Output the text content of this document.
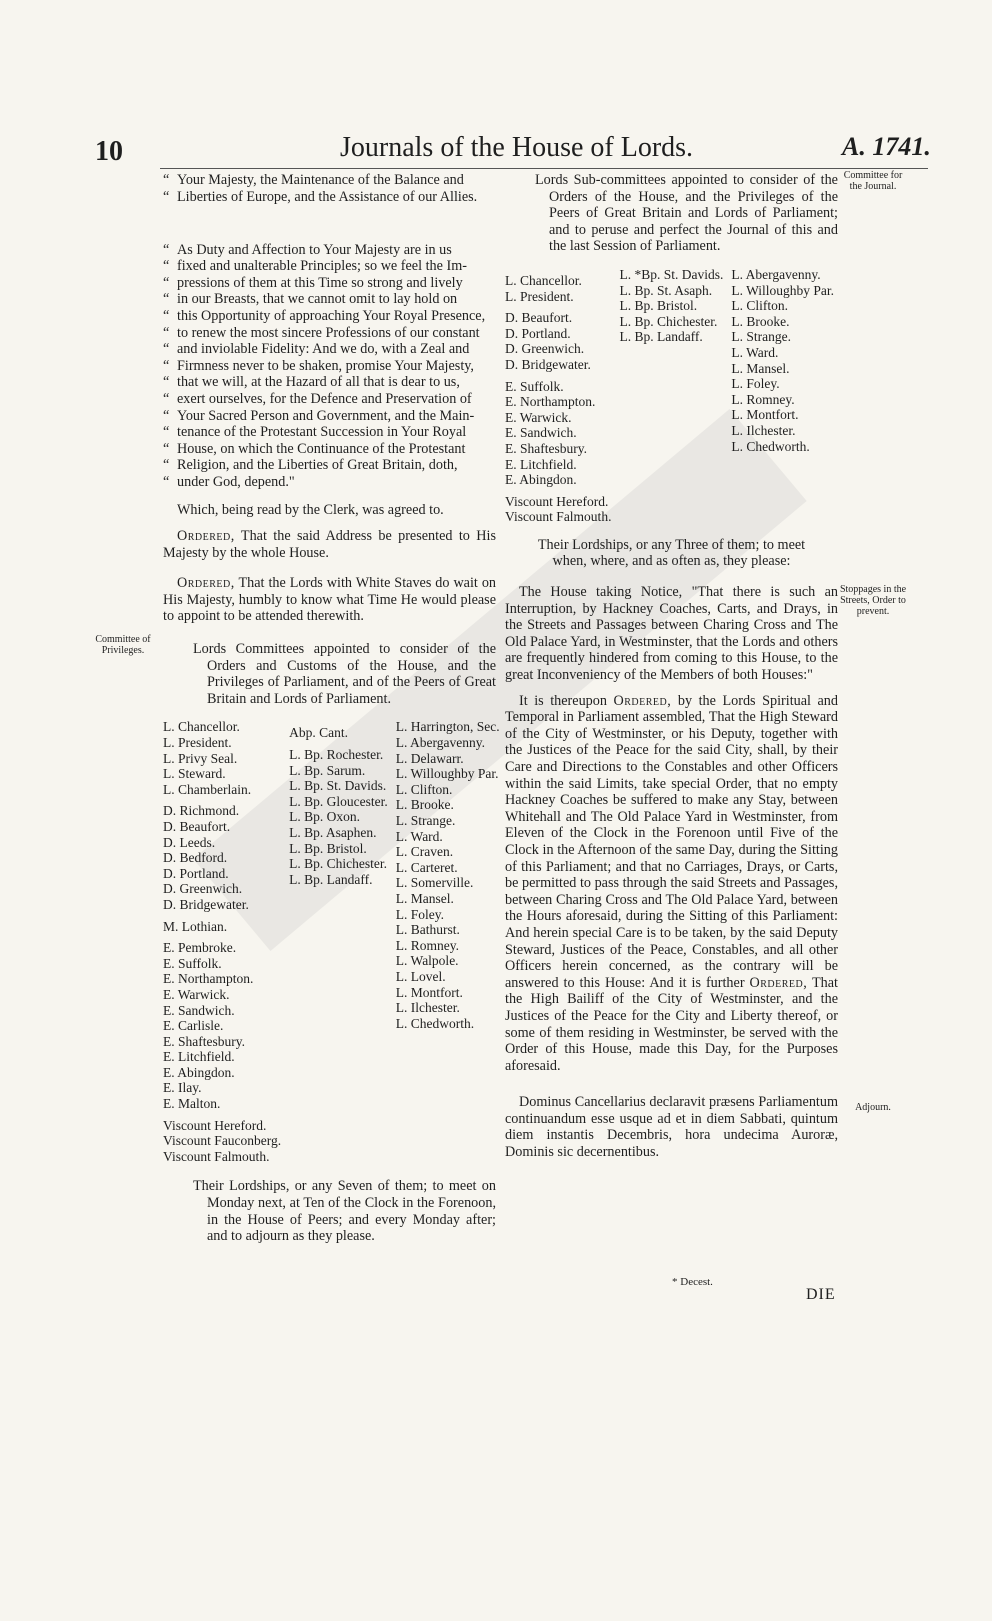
10	Journals of the House of Lords.	A. 1741.

“ Your Majesty, the Maintenance of the Balance and

“ Liberties of Europe, and the Assistance of our Allies.

“ As Duty and Affection to Your Majesty are in us

“ fixed and unalterable Principles; so we feel the Im-

“ pressions of them at this Time so strong and lively

“ in our Breasts, that we cannot omit to lay hold on

“ this Opportunity of approaching Your Royal Presence,

“ to renew the most sincere Professions of our constant

“ and inviolable Fidelity: And we do, with a Zeal and

“ Firmness never to be shaken, promise Your Majesty,

“ that we will, at the Hazard of all that is dear to us,

“ exert ourselves, for the Defence and Preservation of

“ Your Sacred Person and Government, and the Main-

“ tenance of the Protestant Succession in Your Royal

“ House, on which the Continuance of the Protestant

“ Religion, and the Liberties of Great Britain, doth,

“ under God, depend."

Which, being read by the Clerk, was agreed to.

Ordered, That the said Address be presented to His Majesty by the whole House.

Ordered, That the Lords with White Staves do wait on His Majesty, humbly to know what Time He would please to appoint to be attended therewith.

Lords Committees appointed to consider of the Orders and Customs of the House, and the Privileges of Parliament, and of the Peers of Great Britain and Lords of Parliament.

L. Chancellor.
L. President.
L. Privy Seal.
L. Steward.
L. Chamberlain.
D. Richmond.
D. Beaufort.
D. Leeds.
D. Bedford.
D. Portland.
D. Greenwich.
D. Bridgewater.
M. Lothian.
E. Pembroke.
E. Suffolk.
E. Northampton.
E. Warwick.
E. Sandwich.
E. Carlisle.
E. Shaftesbury.
E. Litchfield.
E. Abingdon.
E. Ilay.
E. Malton.
Viscount Hereford.
Viscount Fauconberg.
Viscount Falmouth.
Abp. Cant.
L. Bp. Rochester.
L. Bp. Sarum.
L. Bp. St. Davids.
L. Bp. Gloucester.
L. Bp. Oxon.
L. Bp. Asaphen.
L. Bp. Bristol.
L. Bp. Chichester.
L. Bp. Landaff.
L. Harrington, Sec.
L. Abergavenny.
L. Delawarr.
L. Willoughby Par.
L. Clifton.
L. Brooke.
L. Strange.
L. Ward.
L. Craven.
L. Carteret.
L. Somerville.
L. Mansel.
L. Foley.
L. Bathurst.
L. Romney.
L. Walpole.
L. Lovel.
L. Montfort.
L. Ilchester.
L. Chedworth.

Their Lordships, or any Seven of them; to meet on Monday next, at Ten of the Clock in the Forenoon, in the House of Peers; and every Monday after; and to adjourn as they please.

Lords Sub-committees appointed to consider of the Orders of the House, and the Privileges of the Peers of Great Britain and Lords of Parliament; and to peruse and perfect the Journal of this and the last Session of Parliament.

L. Chancellor.
L. President.
D. Beaufort.
D. Portland.
D. Greenwich.
D. Bridgewater.
E. Suffolk.
E. Northampton.
E. Warwick.
E. Sandwich.
E. Shaftesbury.
E. Litchfield.
E. Abingdon.
Viscount Hereford.
Viscount Falmouth.
L. *Bp. St. Davids.
L. Bp. St. Asaph.
L. Bp. Bristol.
L. Bp. Chichester.
L. Bp. Landaff.
L. Abergavenny.
L. Willoughby Par.
L. Clifton.
L. Brooke.
L. Strange.
L. Ward.
L. Mansel.
L. Foley.
L. Romney.
L. Montfort.
L. Ilchester.
L. Chedworth.

Their Lordships, or any Three of them; to meet when, where, and as often as, they please:

The House taking Notice, "That there is such an Interruption, by Hackney Coaches, Carts, and Drays, in the Streets and Passages between Charing Cross and The Old Palace Yard, in Westminster, that the Lords and others are frequently hindered from coming to this House, to the great Inconveniency of the Members of both Houses:"

It is thereupon Ordered, by the Lords Spiritual and Temporal in Parliament assembled, That the High Steward of the City of Westminster, or his Deputy, together with the Justices of the Peace for the said City, shall, by their Care and Directions to the Constables and other Officers within the said Limits, take special Order, that no empty Hackney Coaches be suffered to make any Stay, between Whitehall and The Old Palace Yard in Westminster, from Eleven of the Clock in the Forenoon until Five of the Clock in the Afternoon of the same Day, during the Sitting of this Parliament; and that no Carriages, Drays, or Carts, be permitted to pass through the said Streets and Passages, between Charing Cross and The Old Palace Yard, between the Hours aforesaid, during the Sitting of this Parliament: And herein special Care is to be taken, by the said Deputy Steward, Justices of the Peace, Constables, and all other Officers herein concerned, as the contrary will be answered to this House: And it is further Ordered, That the High Bailiff of the City of Westminster, and the Justices of the Peace for the City and Liberty thereof, or some of them residing in Westminster, be served with the Order of this House, made this Day, for the Purposes aforesaid.

Dominus Cancellarius declaravit præsens Parliamentum continuandum esse usque ad et in diem Sabbati, quintum diem instantis Decembris, hora undecima Auroræ, Dominis sic decernentibus.

Committee of Privileges.
Committee for the Journal.
Stoppages in the Streets, Order to prevent.
Adjourn.
* Decest.
DIE
